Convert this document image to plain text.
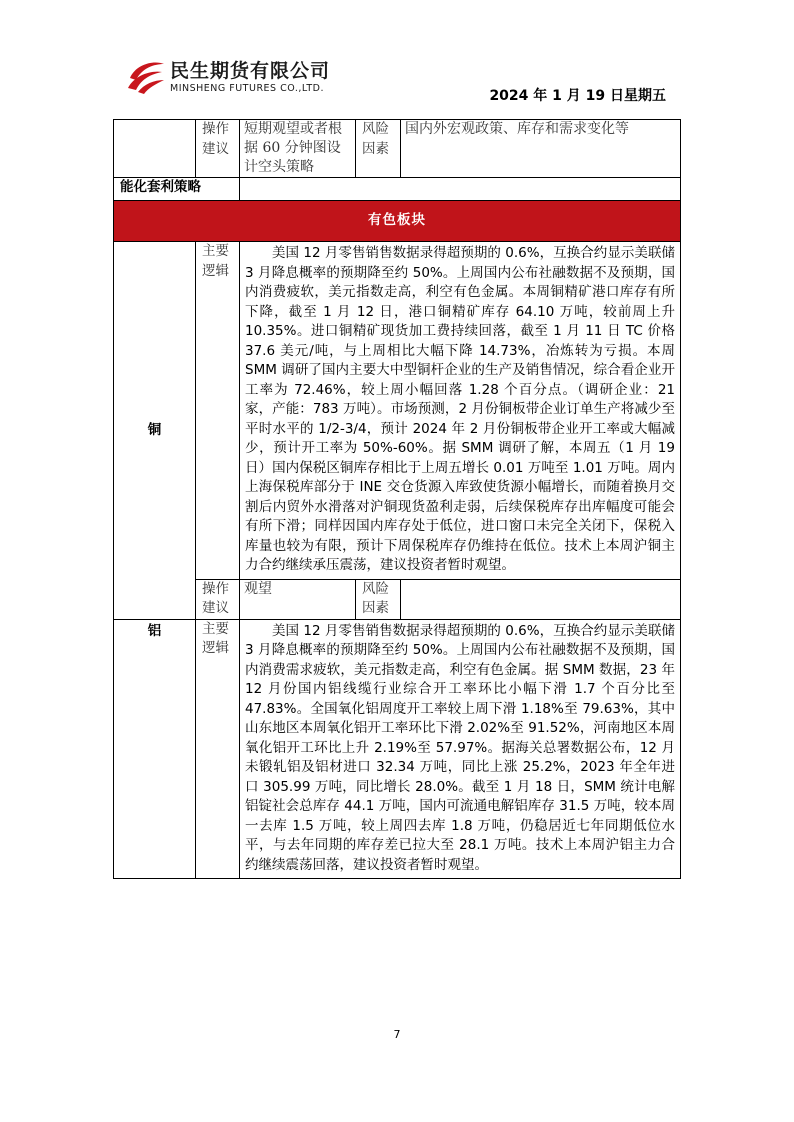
民生期货有限公司
MINSHENG FUTURES CO.,LTD.	2024 年 1 月 19 日星期五
	操作建议	短期观望或者根据 60 分钟图设计空头策略	风险因素	国内外宏观政策、库存和需求变化等
能化套利策略				
有色板块				
铜	主要逻辑	美国 12 月零售销售数据录得超预期的 0.6%，互换合约显示美联储 3 月降息概率的预期降至约 50%。上周国内公布社融数据不及预期，国内消费疲软，美元指数走高，利空有色金属。本周铜精矿港口库存有所下降，截至 1 月 12 日，港口铜精矿库存 64.10 万吨，较前周上升 10.35%。进口铜精矿现货加工费持续回落，截至 1 月 11 日 TC 价格 37.6 美元/吨，与上周相比大幅下降 14.73%，冶炼转为亏损。本周 SMM 调研了国内主要大中型铜杆企业的生产及销售情况，综合看企业开工率为 72.46%，较上周小幅回落 1.28 个百分点。（调研企业：21 家，产能：783 万吨）。市场预测，2 月份铜板带企业订单生产将减少至平时水平的 1/2-3/4，预计 2024 年 2 月份铜板带企业开工率或大幅减少，预计开工率为 50%-60%。据 SMM 调研了解，本周五（1 月 19 日）国内保税区铜库存相比于上周五增长 0.01 万吨至 1.01 万吨。周内上海保税库部分于 INE 交仓货源入库致使货源小幅增长，而随着换月交割后内贸外水滑落对沪铜现货盈利走弱，后续保税库存出库幅度可能会有所下滑；同样因国内库存处于低位，进口窗口未完全关闭下，保税入库量也较为有限，预计下周保税库存仍维持在低位。技术上本周沪铜主力合约继续承压震荡，建议投资者暂时观望。		

	操作建议	观望	风险因素	
铝	主要逻辑	美国 12 月零售销售数据录得超预期的 0.6%，互换合约显示美联储 3 月降息概率的预期降至约 50%。上周国内公布社融数据不及预期，国内消费需求疲软，美元指数走高，利空有色金属。据 SMM 数据，23 年 12 月份国内铝线缆行业综合开工率环比小幅下滑 1.7 个百分比至 47.83%。全国氧化铝周度开工率较上周下滑 1.18%至 79.63%，其中山东地区本周氧化铝开工率环比下滑 2.02%至 91.52%，河南地区本周氧化铝开工环比上升 2.19%至 57.97%。据海关总署数据公布，12 月未锻轧铝及铝材进口 32.34 万吨，同比上涨 25.2%，2023 年全年进口 305.99 万吨，同比增长 28.0%。截至 1 月 18 日，SMM 统计电解铝锭社会总库存 44.1 万吨，国内可流通电解铝库存 31.5 万吨，较本周一去库 1.5 万吨，较上周四去库 1.8 万吨，仍稳居近七年同期低位水平，与去年同期的库存差已拉大至 28.1 万吨。技术上本周沪铝主力合约继续震荡回落，建议投资者暂时观望。		

7
